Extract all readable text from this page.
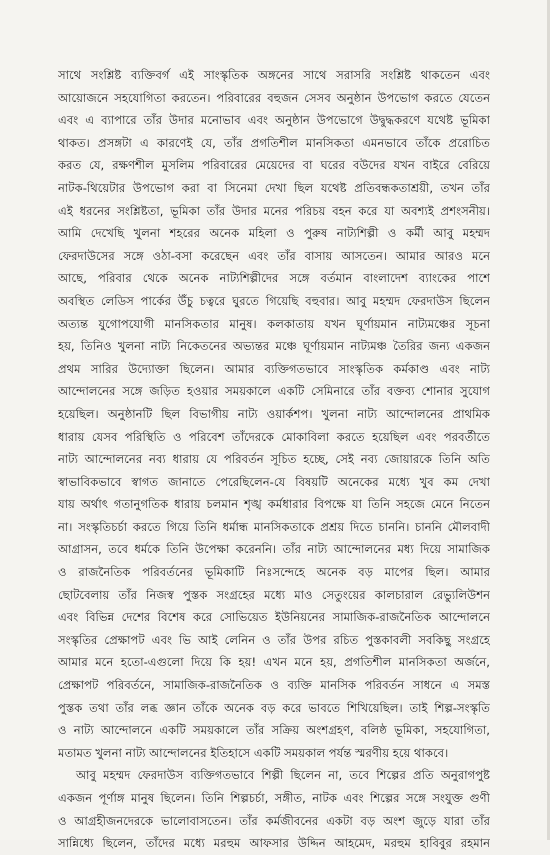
সাথে সংশ্লিষ্ট ব্যক্তিবর্গ এই সাংস্কৃতিক অঙ্গনের সাথে সরাসরি সংশ্লিষ্ট থাকতেন এবং
আয়োজনে সহযোগিতা করতেন। পরিবারের বহুজন সেসব অনুষ্ঠান উপভোগ করতে যেতেন
এবং এ ব্যাপারে তাঁর উদার মনোভাব এবং অনুষ্ঠান উপভোগে উদ্বুদ্ধকরণে যথেষ্ট ভূমিকা
থাকত। প্রসঙ্গটা এ কারণেই যে, তাঁর প্রগতিশীল মানসিকতা এমনভাবে তাঁকে প্ররোচিত
করত যে, রক্ষণশীল মুসলিম পরিবারের মেয়েদের বা ঘরের বউদের যখন বাইরে বেরিয়ে
নাটক-থিয়েটার উপভোগ করা বা সিনেমা দেখা ছিল যথেষ্ট প্রতিবন্ধকতাশ্রয়ী, তখন তাঁর
এই ধরনের সংশ্লিষ্টতা, ভূমিকা তাঁর উদার মনের পরিচয় বহন করে যা অবশ্যই প্রশংসনীয়।
আমি দেখেছি খুলনা শহরের অনেক মহিলা ও পুরুষ নাট্যশিল্পী ও কর্মী আবু মহম্মদ
ফেরদাউসের সঙ্গে ওঠা-বসা করেছেন এবং তাঁর বাসায় আসতেন। আমার আরও মনে
আছে, পরিবার থেকে অনেক নাট্যশিল্পীদের সঙ্গে বর্তমান বাংলাদেশ ব্যাংকের পাশে
অবস্থিত লেডিস পার্কের উঁচু চত্বরে ঘুরতে গিয়েছি বহুবার। আবু মহম্মদ ফেরদাউস ছিলেন
অত্যন্ত যুগোপযোগী মানসিকতার মানুষ। কলকাতায় যখন ঘূর্ণায়মান নাট্যমঞ্চের সূচনা
হয়, তিনিও খুলনা নাট্য নিকেতনের অভ্যন্তর মঞ্চে ঘূর্ণায়মান নাট্যমঞ্চ তৈরির জন্য একজন
প্রথম সারির উদ্যোক্তা ছিলেন। আমার ব্যক্তিগতভাবে সাংস্কৃতিক কর্মকাণ্ড এবং নাট্য
আন্দোলনের সঙ্গে জড়িত হওয়ার সময়কালে একটি সেমিনারে তাঁর বক্তব্য শোনার সুযোগ
হয়েছিল। অনুষ্ঠানটি ছিল বিভাগীয় নাট্য ওয়ার্কশপ। খুলনা নাট্য আন্দোলনের প্রাথমিক
ধারায় যেসব পরিস্থিতি ও পরিবেশ তাঁদেরকে মোকাবিলা করতে হয়েছিল এবং পরবর্তীতে
নাট্য আন্দোলনের নব্য ধারায় যে পরিবর্তন সূচিত হচ্ছে, সেই নব্য জোয়ারকে তিনি অতি
স্বাভাবিকভাবে স্বাগত জানাতে পেরেছিলেন-যে বিষয়টি অনেকের মধ্যে খুব কম দেখা
যায় অর্থাৎ গতানুগতিক ধারায় চলমান শৃঙ্খ কর্মধারার বিপক্ষে যা তিনি সহজে মেনে নিতেন
না। সংস্কৃতিচর্চা করতে গিয়ে তিনি ধর্মান্ধ মানসিকতাকে প্রশ্রয় দিতে চাননি। চাননি মৌলবাদী
আগ্রাসন, তবে ধর্মকে তিনি উপেক্ষা করেননি। তাঁর নাট্য আন্দোলনের মধ্য দিয়ে সামাজিক
ও রাজনৈতিক পরিবর্তনের ভূমিকাটি নিঃসন্দেহে অনেক বড় মাপের ছিল। আমার
ছোটবেলায় তাঁর নিজস্ব পুস্তক সংগ্রহের মধ্যে মাও সেতুংয়ের কালচারাল রেভ্যুলিউশন
এবং বিভিন্ন দেশের বিশেষ করে সোভিয়েত ইউনিয়নের সামাজিক-রাজনৈতিক আন্দোলনে
সংস্কৃতির প্রেক্ষাপট এবং ভি আই লেনিন ও তাঁর উপর রচিত পুস্তকাবলী সবকিছু সংগ্রহে
আমার মনে হতো-এগুলো দিয়ে কি হয়! এখন মনে হয়, প্রগতিশীল মানসিকতা অর্জনে,
প্রেক্ষাপট পরিবর্তনে, সামাজিক-রাজনৈতিক ও ব্যক্তি মানসিক পরিবর্তন সাধনে এ সমস্ত
পুস্তক তথা তাঁর লব্ধ জ্ঞান তাঁকে অনেক বড় করে ভাবতে শিখিয়েছিল। তাই শিল্প-সংস্কৃতি
ও নাট্য আন্দোলনে একটি সময়কালে তাঁর সক্রিয় অংশগ্রহণ, বলিষ্ঠ ভূমিকা, সহযোগিতা,
মতামত খুলনা নাট্য আন্দোলনের ইতিহাসে একটি সময়কাল পর্যন্ত স্মরণীয় হয়ে থাকবে।
আবু মহম্মদ ফেরদাউস ব্যক্তিগতভাবে শিল্পী ছিলেন না, তবে শিল্পের প্রতি অনুরাগপুষ্ট
একজন পূর্ণাঙ্গ মানুষ ছিলেন। তিনি শিল্পচর্চা, সঙ্গীত, নাটক এবং শিল্পের সঙ্গে সংযুক্ত গুণী
ও আগ্রহীজনদেরকে ভালোবাসতেন। তাঁর কর্মজীবনের একটা বড় অংশ জুড়ে যারা তাঁর
সান্নিধ্যে ছিলেন, তাঁদের মধ্যে মরহুম আফসার উদ্দিন আহমেদ, মরহুম হাবিবুর রহমান
